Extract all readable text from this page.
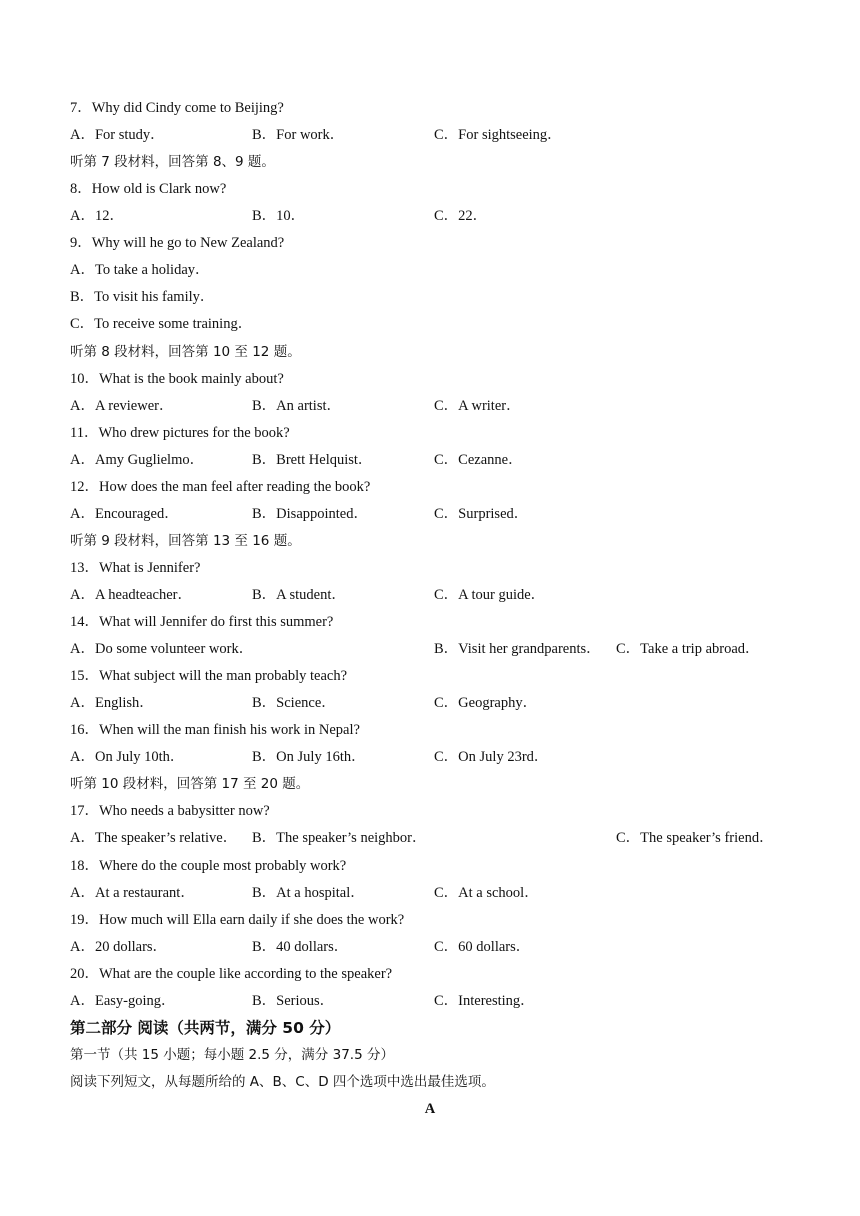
7．Why did Cindy come to Beijing?
A．For study．	B．For work．	C．For sightseeing．
听第 7 段材料，回答第 8、9 题。
8．How old is Clark now?
A．12．	B．10．	C．22．
9．Why will he go to New Zealand?
A．To take a holiday．
B．To visit his family．
C．To receive some training．
听第 8 段材料，回答第 10 至 12 题。
10．What is the book mainly about?
A．A reviewer．	B．An artist．	C．A writer．
11．Who drew pictures for the book?
A．Amy Guglielmo．	B．Brett Helquist．	C．Cezanne．
12．How does the man feel after reading the book?
A．Encouraged．	B．Disappointed．	C．Surprised．
听第 9 段材料，回答第 13 至 16 题。
13．What is Jennifer?
A．A headteacher．	B．A student．	C．A tour guide．
14．What will Jennifer do first this summer?
A．Do some volunteer work．	B．Visit her grandparents． C．Take a trip abroad．
15．What subject will the man probably teach?
A．English．	B．Science．	C．Geography．
16．When will the man finish his work in Nepal?
A．On July 10th．	B．On July 16th．	C．On July 23rd．
听第 10 段材料，回答第 17 至 20 题。
17．Who needs a babysitter now?
A．The speaker’s relative． B．The speaker’s neighbor．	C．The speaker’s friend．
18．Where do the couple most probably work?
A．At a restaurant．	B．At a hospital．	C．At a school．
19．How much will Ella earn daily if she does the work?
A．20 dollars．	B．40 dollars．	C．60 dollars．
20．What are the couple like according to the speaker?
A．Easy-going．	B．Serious．	C．Interesting．
第二部分 阅读（共两节，满分 50 分）
第一节（共 15 小题；每小题 2.5 分，满分 37.5 分）
阅读下列短文，从每题所给的 A、B、C、D 四个选项中选出最佳选项。
A
